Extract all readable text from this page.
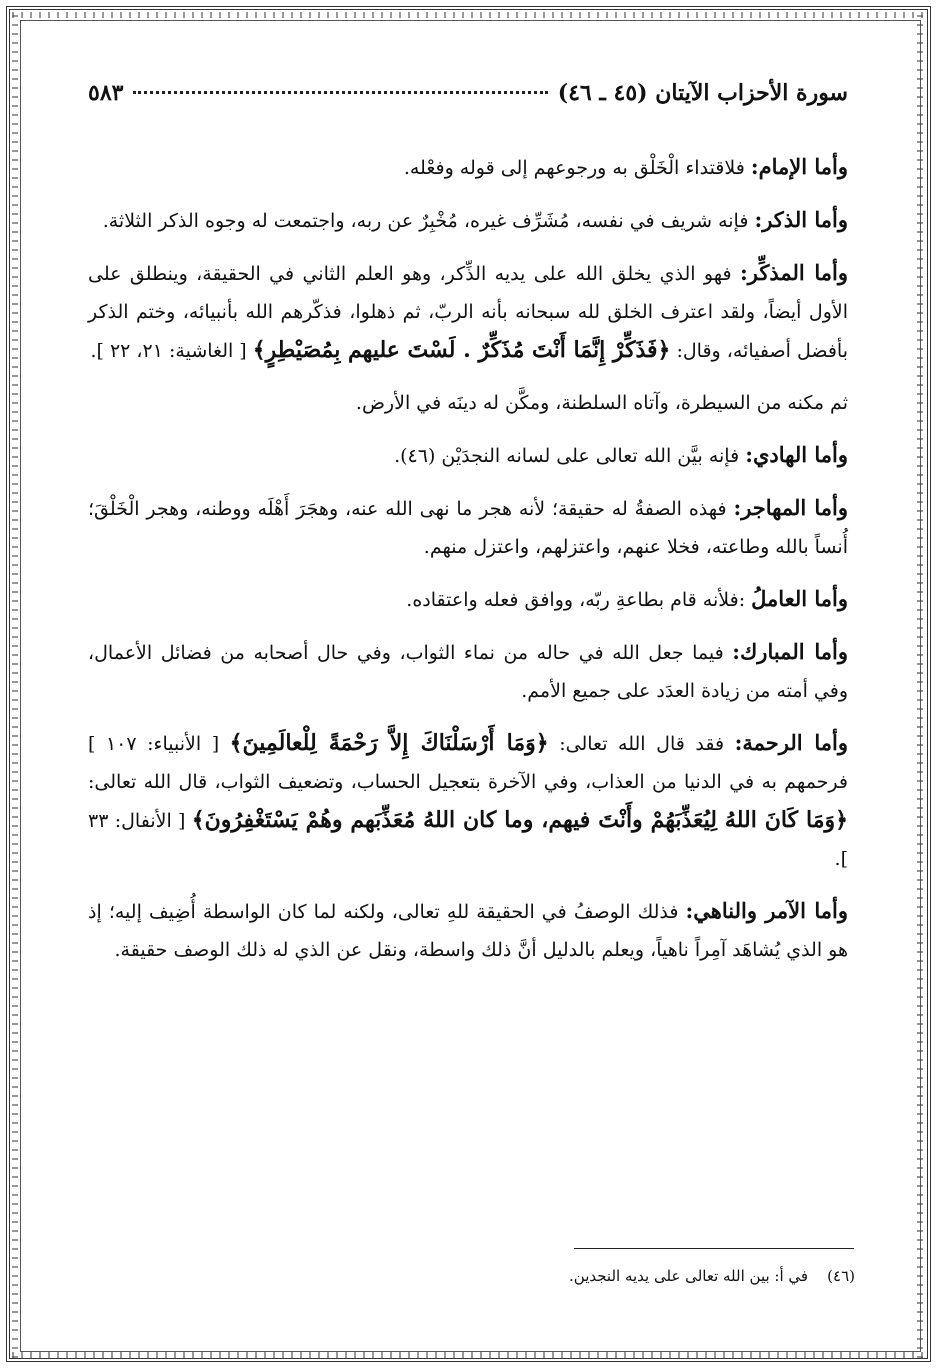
سورة الأحزاب الآيتان (٤٥ ـ ٤٦)
٥٨٣

وأما الإمام: فلاقتداء الْخَلْق به ورجوعهم إلى قوله وفعْله.

وأما الذكر: فإنه شريف في نفسه، مُشَرِّف غيره، مُخْبِرٌ عن ربه، واجتمعت له وجوه الذكر الثلاثة.

وأما المذكِّر: فهو الذي يخلق الله على يديه الذِّكر، وهو العلم الثاني في الحقيقة، وينطلق على الأول أيضاً، ولقد اعترف الخلق لله سبحانه بأنه الربّ، ثم ذهلوا، فذكّرهم الله بأنبيائه، وختم الذكر بأفضل أصفيائه، وقال: ﴿فَذَكِّرْ إِنَّمَا أَنْتَ مُذَكِّرٌ . لَسْتَ عليهم بِمُصَيْطِرٍ﴾ [ الغاشية: ٢١، ٢٢ ].

ثم مكنه من السيطرة، وآتاه السلطنة، ومكَّن له دينَه في الأرض.

وأما الهادي: فإنه بيَّن الله تعالى على لسانه النجدَيْن (٤٦).

وأما المهاجر: فهذه الصفةُ له حقيقة؛ لأنه هجر ما نهى الله عنه، وهجَرَ أَهْلَه ووطنه، وهجر الْخَلْقَ؛ أُنساً بالله وطاعته، فخلا عنهم، واعتزلهم، واعتزل منهم.

وأما العاملُ :فلأنه قام بطاعةِ ربّه، ووافق فعله واعتقاده.

وأما المبارك: فيما جعل الله في حاله من نماء الثواب، وفي حال أصحابه من فضائل الأعمال، وفي أمته من زيادة العدَد على جميع الأمم.

وأما الرحمة: فقد قال الله تعالى: ﴿وَمَا أَرْسَلْنَاكَ إِلاَّ رَحْمَةً لِلْعالَمِينَ﴾ [ الأنبياء: ١٠٧ ] فرحمهم به في الدنيا من العذاب، وفي الآخرة بتعجيل الحساب، وتضعيف الثواب، قال الله تعالى: ﴿وَمَا كَانَ اللهُ لِيُعَذِّبَهُمْ وأَنْتَ فيهم، وما كان اللهُ مُعَذِّبَهم وهُمْ يَسْتَغْفِرُونَ﴾ [ الأنفال: ٣٣ ].

وأما الآمر والناهي: فذلك الوصفُ في الحقيقة للهِ تعالى، ولكنه لما كان الواسطة أُضِيف إليه؛ إذ هو الذي يُشاهَد آمِراً ناهياً، ويعلم بالدليل أنَّ ذلك واسطة، ونقل عن الذي له ذلك الوصف حقيقة.

(٤٦)    في أ: بين الله تعالى على يديه النجدين.
